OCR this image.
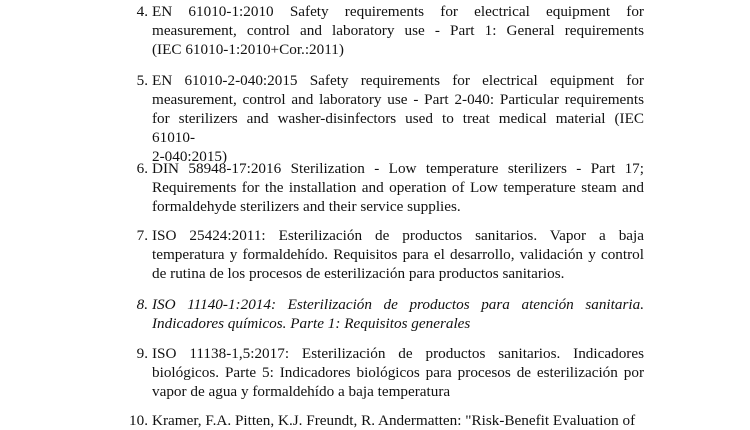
4. EN 61010-1:2010 Safety requirements for electrical equipment for
measurement, control and laboratory use - Part 1: General requirements
(IEC 61010-1:2010+Cor.:2011)
5. EN 61010-2-040:2015 Safety requirements for electrical equipment for
measurement, control and laboratory use - Part 2-040: Particular requirements
for sterilizers and washer-disinfectors used to treat medical material (IEC 61010-
2-040:2015)
6. DIN 58948-17:2016 Sterilization - Low temperature sterilizers - Part 17;
Requirements for the installation and operation of Low temperature steam and
formaldehyde sterilizers and their service supplies.
7. ISO 25424:2011: Esterilización de productos sanitarios. Vapor a baja
temperatura y formaldehído. Requisitos para el desarrollo, validación y control
de rutina de los procesos de esterilización para productos sanitarios.
8. ISO 11140-1:2014: Esterilización de productos para atención sanitaria.
Indicadores químicos. Parte 1: Requisitos generales
9. ISO 11138-1,5:2017: Esterilización de productos sanitarios. Indicadores
biológicos. Parte 5: Indicadores biológicos para procesos de esterilización por
vapor de agua y formaldehído a baja temperatura
10. Kramer, F.A. Pitten, K.J. Freundt, R. Andermatten: "Risk-Benefit Evaluation of
